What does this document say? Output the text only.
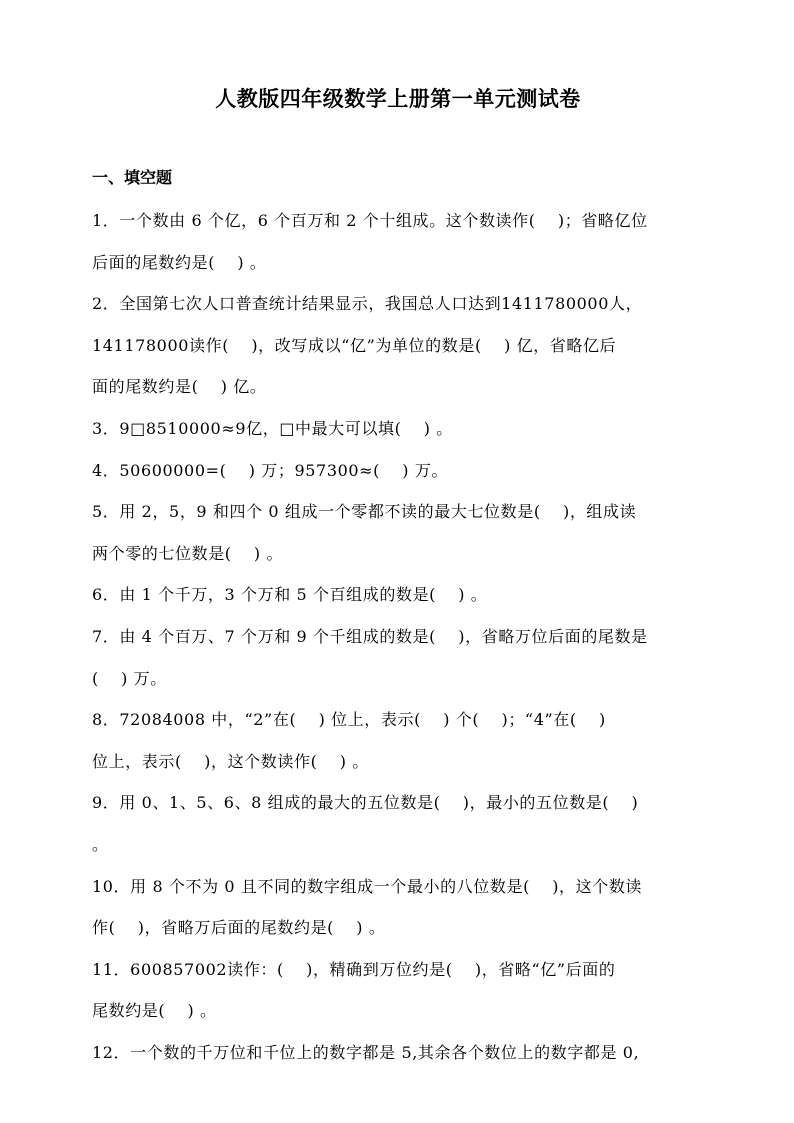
人教版四年级数学上册第一单元测试卷
一、填空题
1．一个数由 6 个亿，6 个百万和 2 个十组成。这个数读作(　 )；省略亿位
后面的尾数约是(　 ) 。
2．全国第七次人口普查统计结果显示，我国总人口达到1411780000人，
141178000读作(　 )，改写成以“亿”为单位的数是(　 ) 亿，省略亿后
面的尾数约是(　 ) 亿。
3．9□8510000≈9亿，□中最大可以填(　 ) 。
4．50600000=(　 ) 万；957300≈(　 ) 万。
5．用 2，5，9 和四个 0 组成一个零都不读的最大七位数是(　 )，组成读
两个零的七位数是(　 ) 。
6．由 1 个千万，3 个万和 5 个百组成的数是(　 ) 。
7．由 4 个百万、7 个万和 9 个千组成的数是(　 )，省略万位后面的尾数是
(　 ) 万。
8．72084008 中，“2”在(　 ) 位上，表示(　 ) 个(　 )；“4”在(　 )
位上，表示(　 )，这个数读作(　 ) 。
9．用 0、1、5、6、8 组成的最大的五位数是(　 )，最小的五位数是(　 )
。
10．用 8 个不为 0 且不同的数字组成一个最小的八位数是(　 )，这个数读
作(　 )，省略万后面的尾数约是(　 ) 。
11．600857002读作：(　 )，精确到万位约是(　 )，省略“亿”后面的
尾数约是(　 ) 。
12．一个数的千万位和千位上的数字都是 5,其余各个数位上的数字都是 0,
